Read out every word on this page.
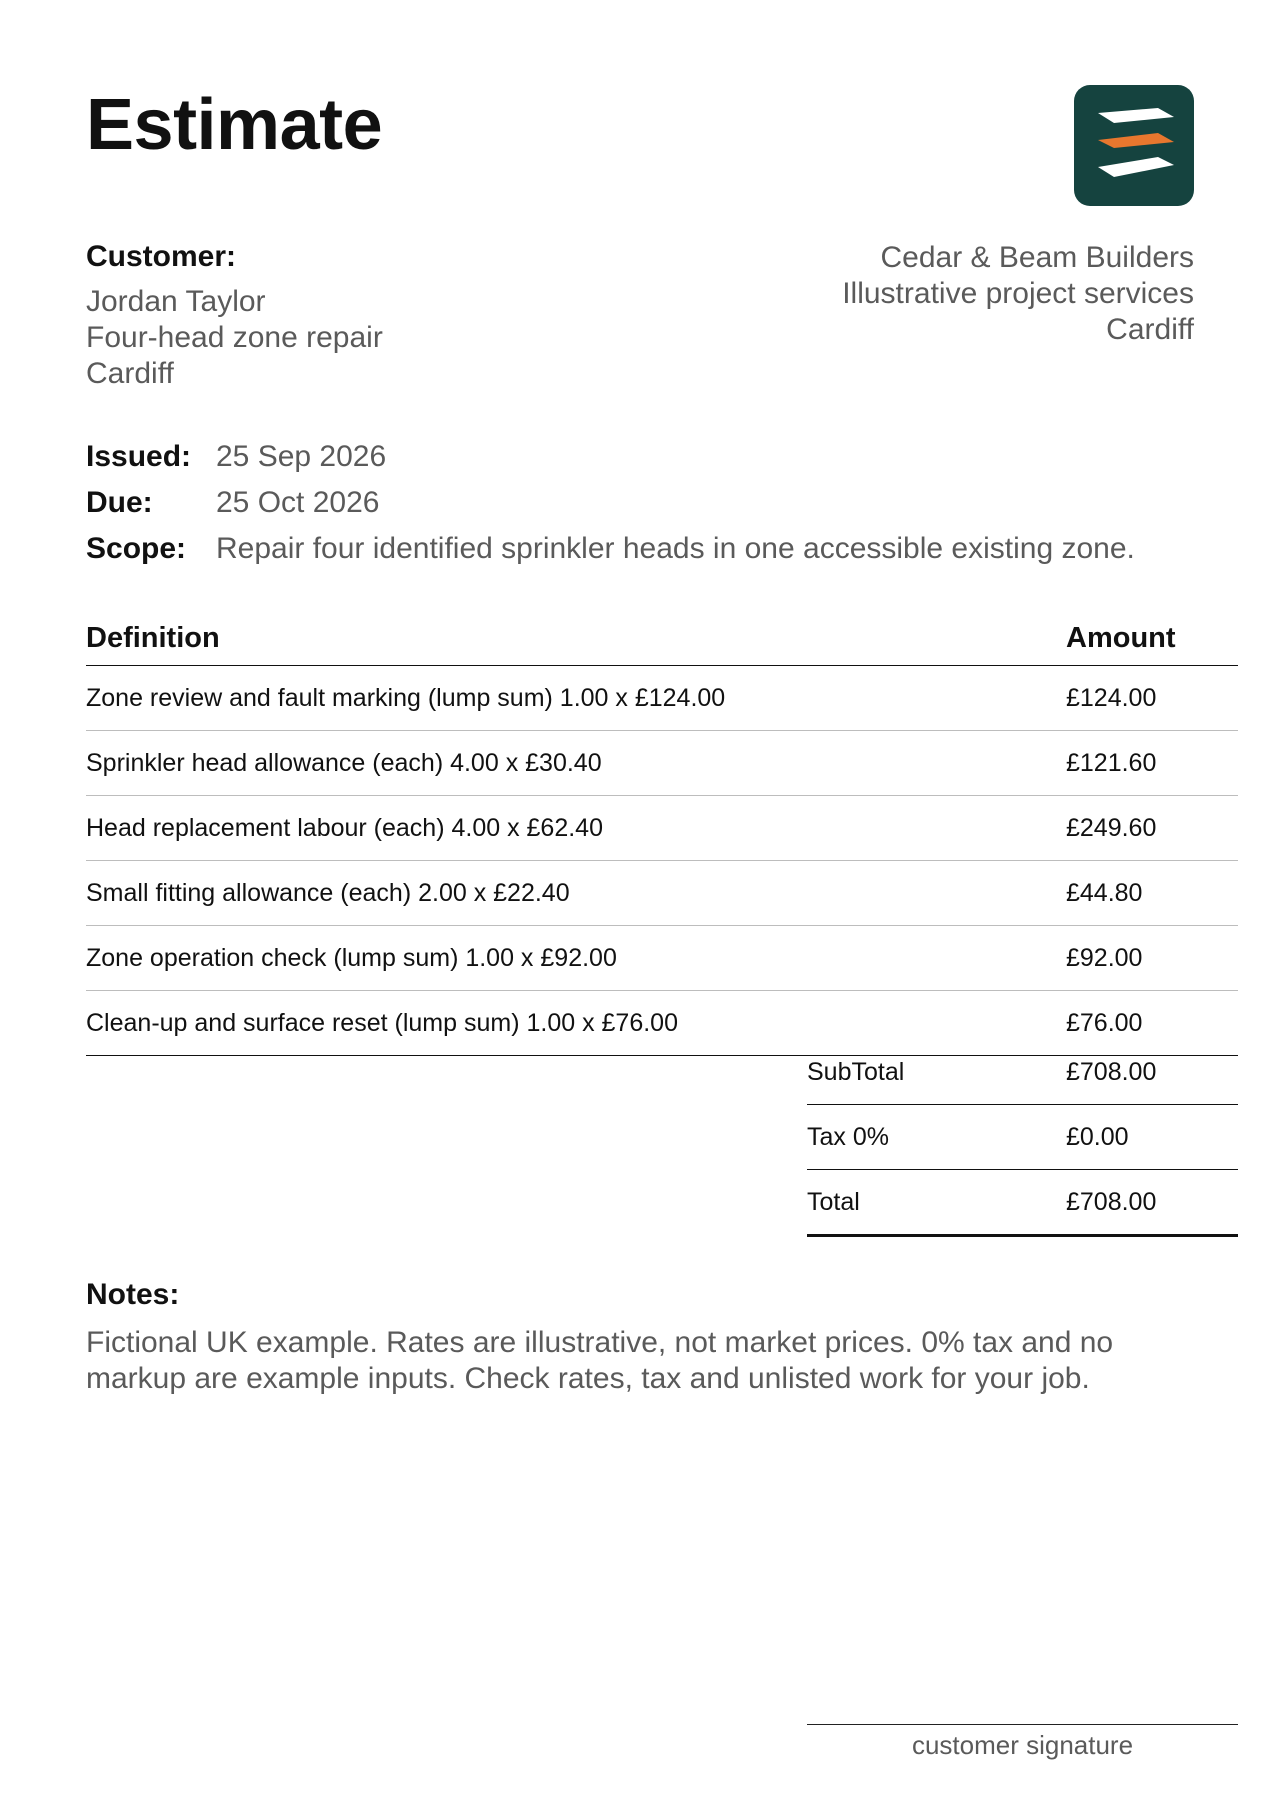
Estimate
Customer:
Jordan Taylor
Four-head zone repair
Cardiff
Cedar & Beam Builders
Illustrative project services
Cardiff
Issued: 25 Sep 2026
Due:	25 Oct 2026
Scope: Repair four identified sprinkler heads in one accessible existing zone.
Definition	Amount
Zone review and fault marking (lump sum) 1.00 x £124.00	£124.00
Sprinkler head allowance (each) 4.00 x £30.40	£121.60
Head replacement labour (each) 4.00 x £62.40	£249.60
Small fitting allowance (each) 2.00 x £22.40	£44.80
Zone operation check (lump sum) 1.00 x £92.00	£92.00
Clean-up and surface reset (lump sum) 1.00 x £76.00	£76.00
SubTotal	£708.00
Tax 0%	£0.00
Total	£708.00
Notes:
Fictional UK example. Rates are illustrative, not market prices. 0% tax and no markup are example inputs. Check rates, tax and unlisted work for your job.
customer signature
